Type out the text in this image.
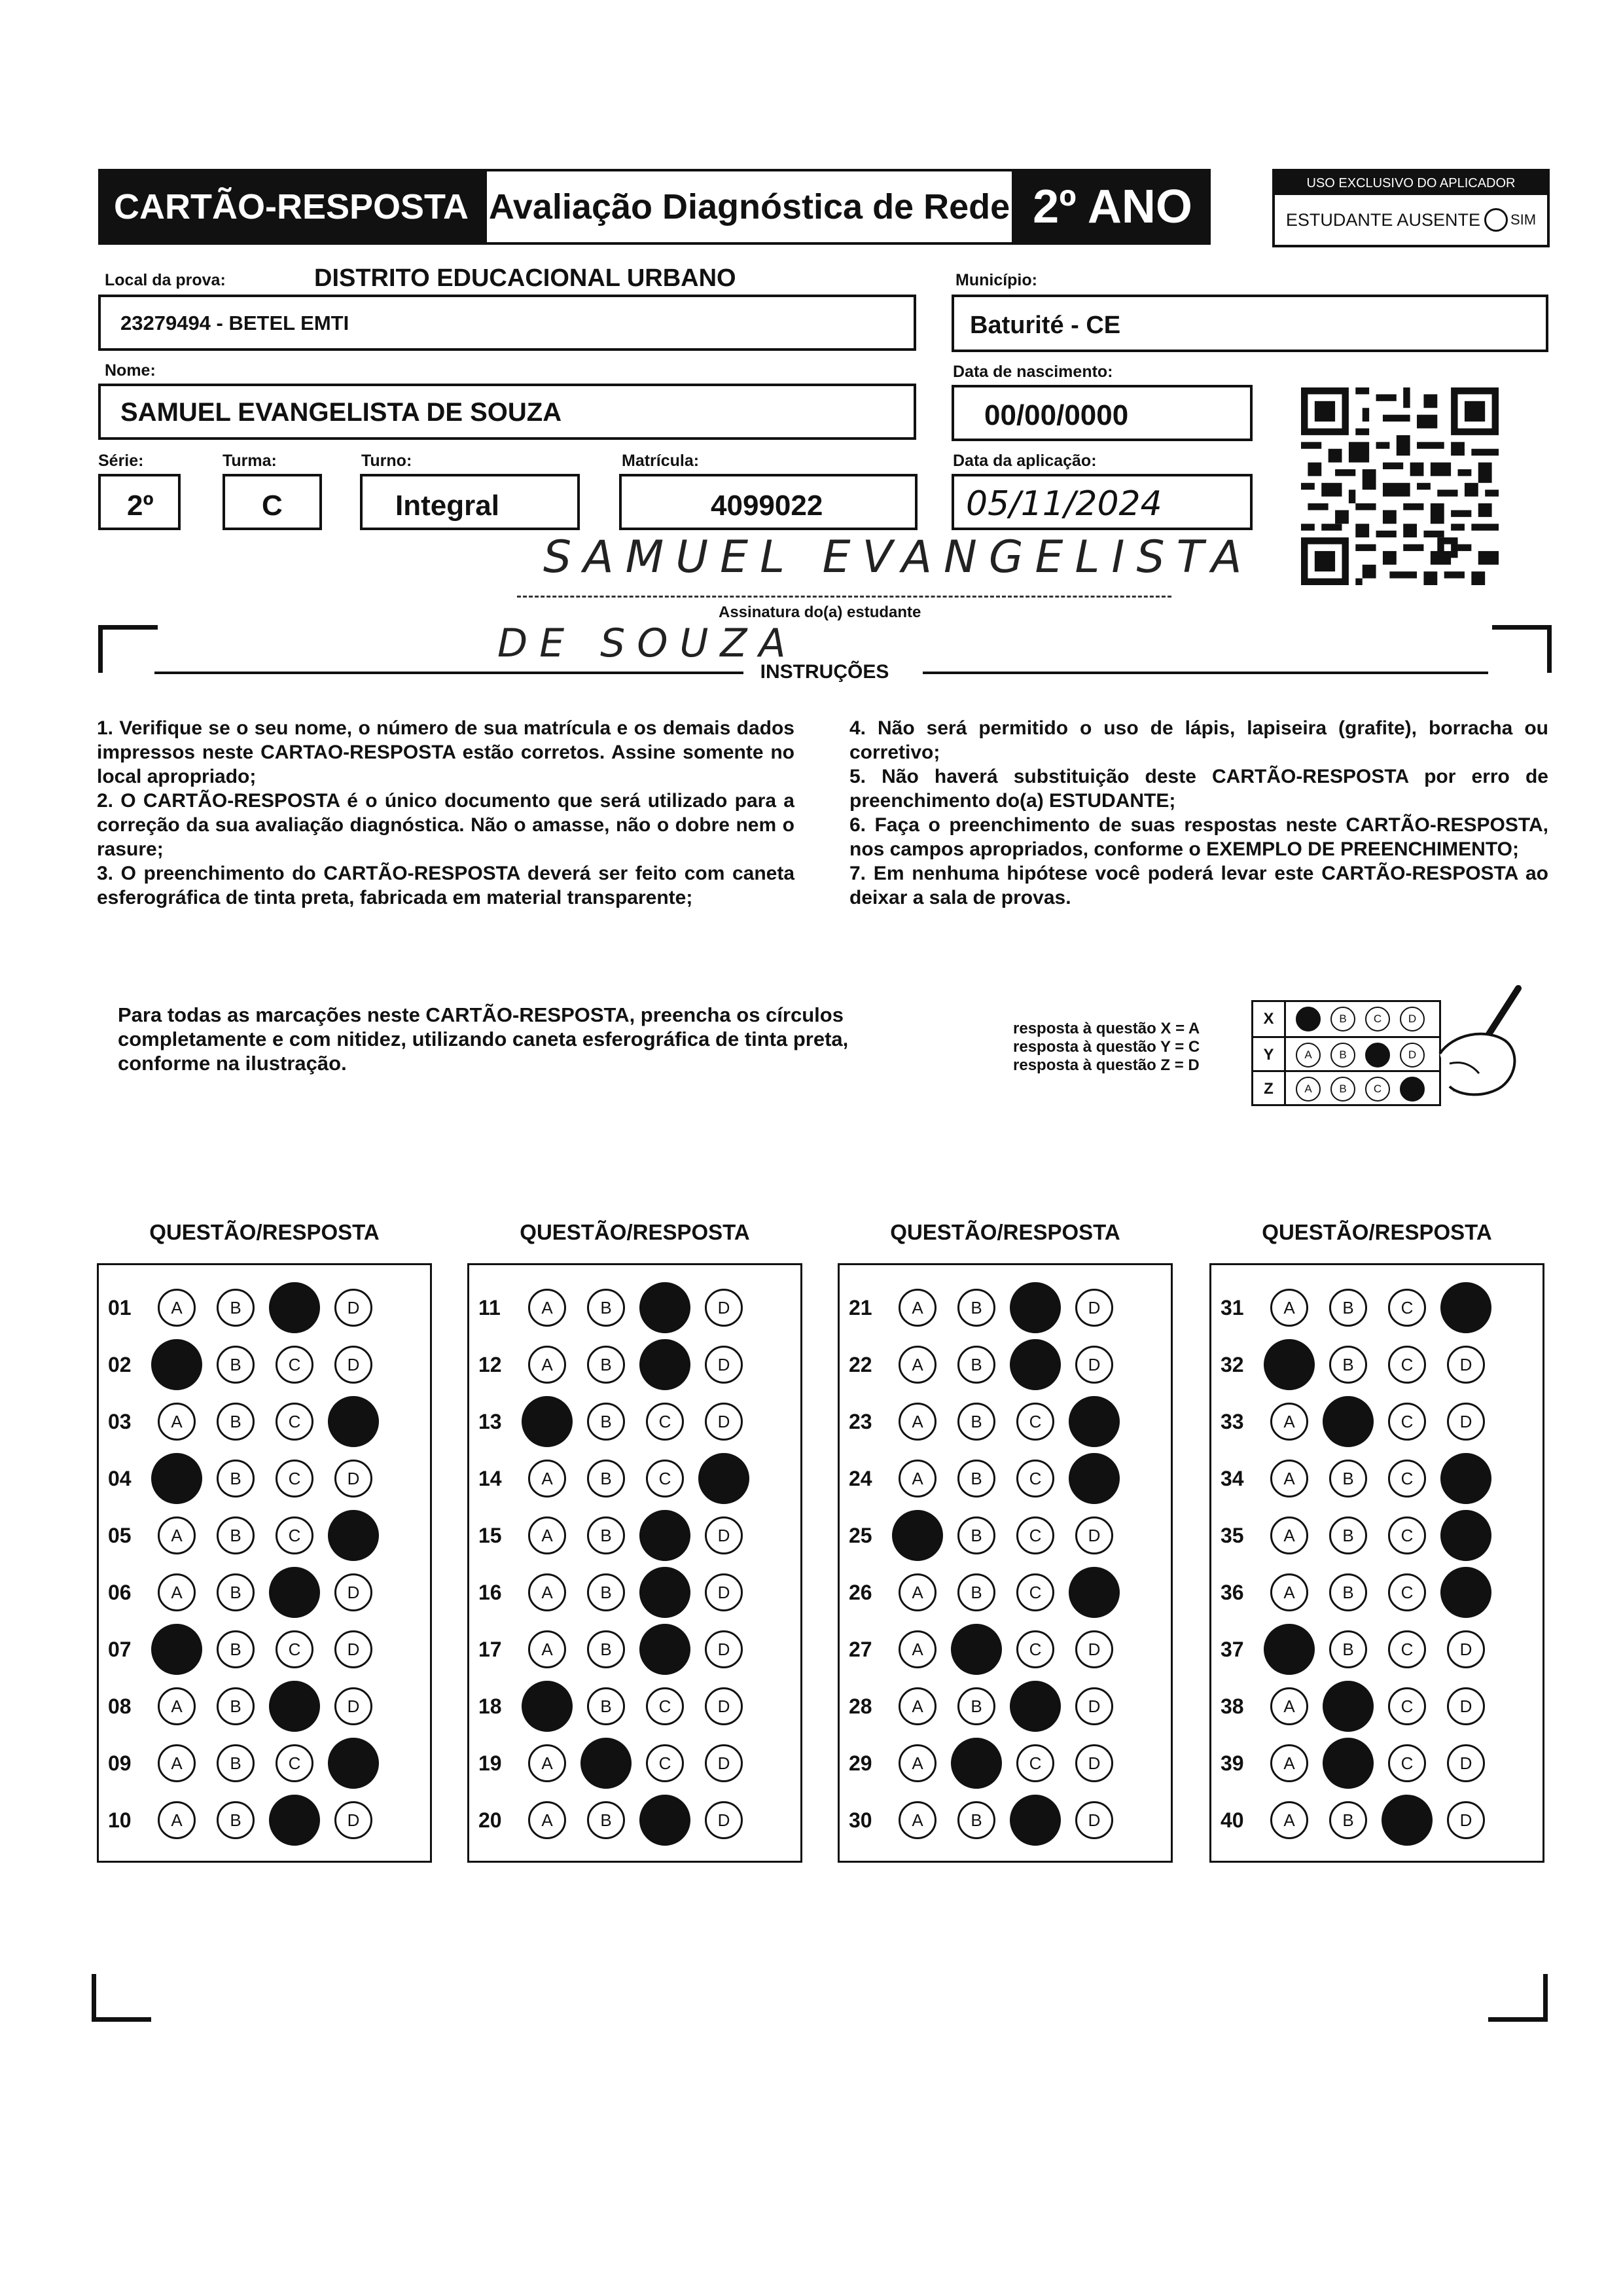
CARTÃO-RESPOSTA Avaliação Diagnóstica de Rede 2º ANO	USO EXCLUSIVO DO APLICADOR
ESTUDANTE AUSENTE SIM
Local da prova:	DISTRITO EDUCACIONAL URBANO
23279494 - BETEL EMTI
Município:
Baturité - CE
Nome:
SAMUEL EVANGELISTA DE SOUZA
Data de nascimento:
00/00/0000
Série:
2º
Turma:
C
Turno:
Integral
Matrícula:
4099022
Data da aplicação:
05/11/2024
SAMUEL EVANGELISTA
Assinatura do(a) estudante
DE SOUZA
INSTRUÇÕES

1. Verifique se o seu nome, o número de sua matrícula e os demais dados impressos neste CARTAO-RESPOSTA estão corretos. Assine somente no local apropriado;

2. O CARTÃO-RESPOSTA é o único documento que será utilizado para a correção da sua avaliação diagnóstica. Não o amasse, não o dobre nem o rasure;

3. O preenchimento do CARTÃO-RESPOSTA deverá ser feito com caneta esferográfica de tinta preta, fabricada em material transparente;

4. Não será permitido o uso de lápis, lapiseira (grafite), borracha ou corretivo;

5. Não haverá substituição deste CARTÃO-RESPOSTA por erro de preenchimento do(a) ESTUDANTE;

6. Faça o preenchimento de suas respostas neste CARTÃO-RESPOSTA, nos campos apropriados, conforme o EXEMPLO DE PREENCHIMENTO;

7. Em nenhuma hipótese você poderá levar este CARTÃO-RESPOSTA ao deixar a sala de provas.

Para todas as marcações neste CARTÃO-RESPOSTA, preencha os círculos completamente e com nitidez, utilizando caneta esferográfica de tinta preta, conforme na ilustração.
resposta à questão X = A
resposta à questão Y = C
resposta à questão Z = D
X	B	C	D
Y	A	B	D
Z	A	B	C
QUESTÃO/RESPOSTA
01	A	B	D
02	B	C	D
03	A	B	C
04	B	C	D
05	A	B	C
06	A	B	D
07	B	C	D
08	A	B	D
09	A	B	C
10	A	B	D
QUESTÃO/RESPOSTA
11	A	B	D
12	A	B	D
13	B	C	D
14	A	B	C
15	A	B	D
16	A	B	D
17	A	B	D
18	B	C	D
19	A	C	D
20	A	B	D
QUESTÃO/RESPOSTA
21	A	B	D
22	A	B	D
23	A	B	C
24	A	B	C
25	B	C	D
26	A	B	C
27	A	C	D
28	A	B	D
29	A	C	D
30	A	B	D
QUESTÃO/RESPOSTA
31	A	B	C
32	B	C	D
33	A	C	D
34	A	B	C
35	A	B	C
36	A	B	C
37	B	C	D
38	A	C	D
39	A	C	D
40	A	B	D
